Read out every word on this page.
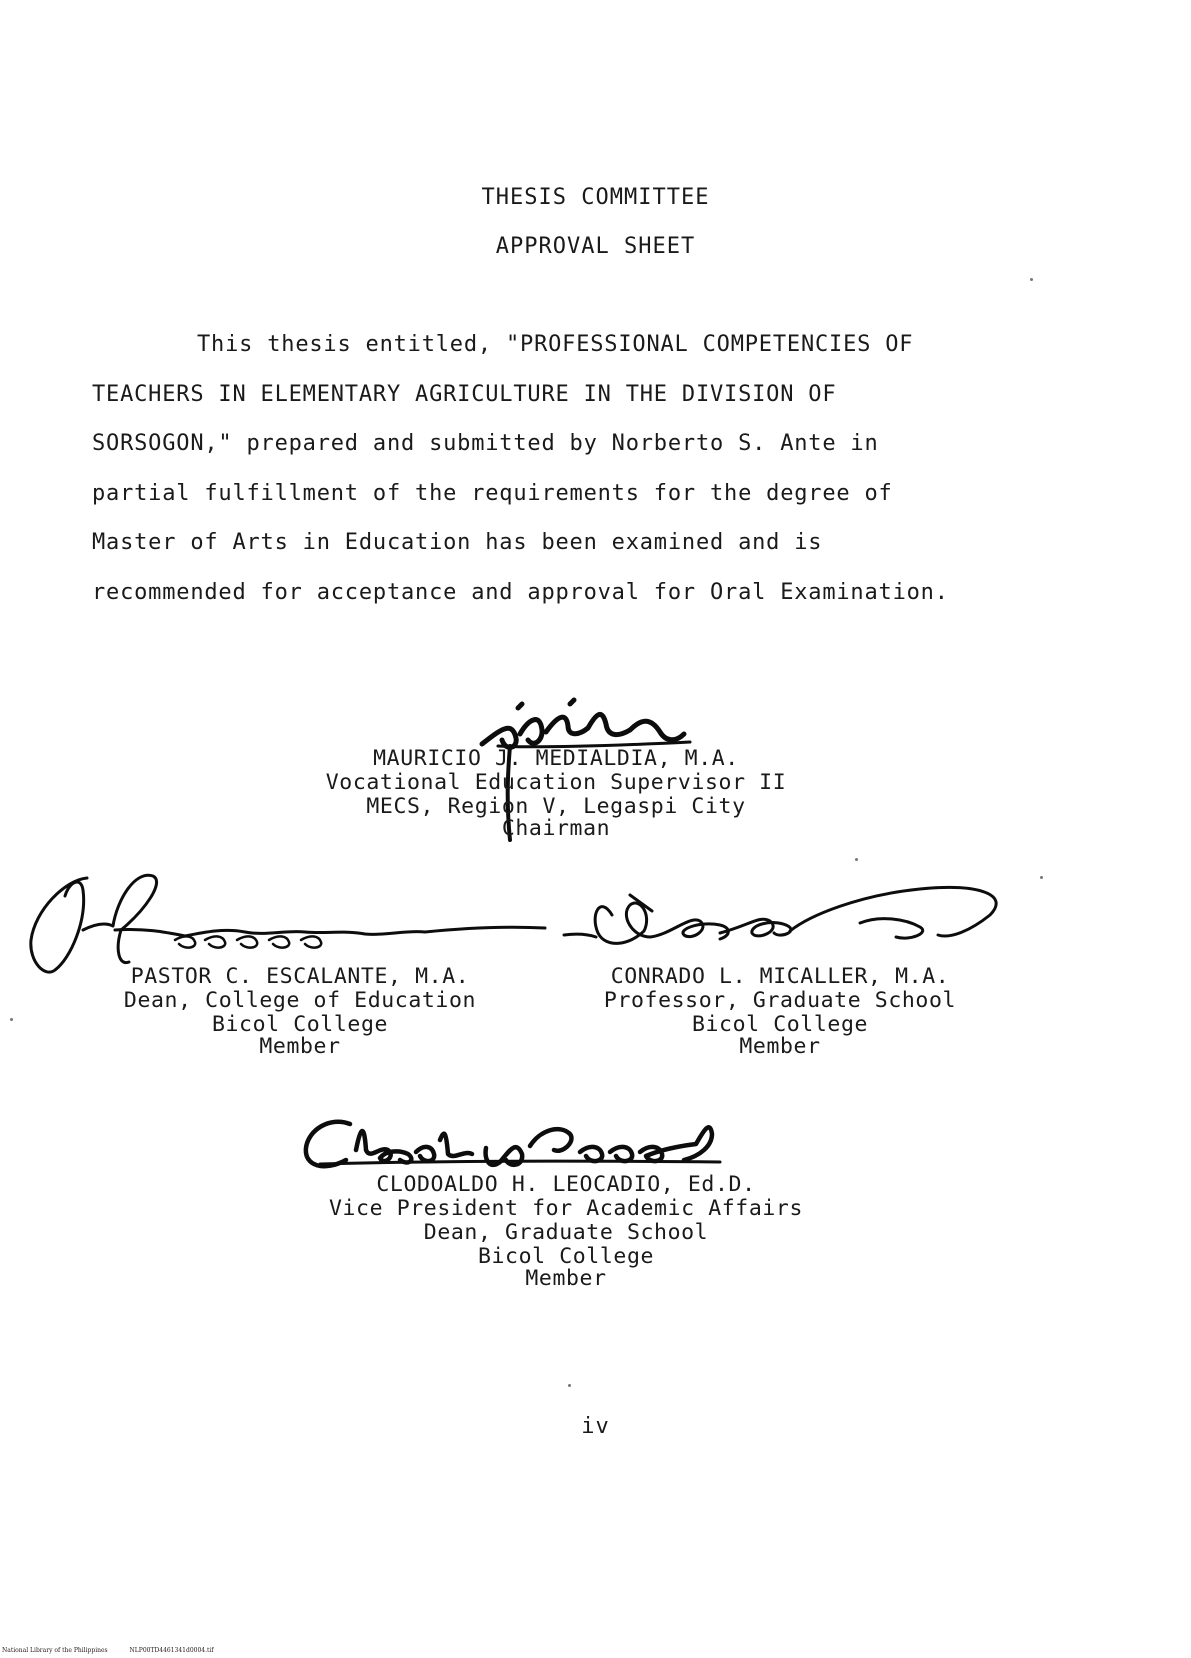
THESIS COMMITTEE
APPROVAL SHEET
This thesis entitled, "PROFESSIONAL COMPETENCIES OF
TEACHERS IN ELEMENTARY AGRICULTURE IN THE DIVISION OF
SORSOGON," prepared and submitted by Norberto S. Ante in
partial fulfillment of the requirements for the degree of
Master of Arts in Education has been examined and is
recommended for acceptance and approval for Oral Examination.
MAURICIO J. MEDIALDIA, M.A.
Vocational Education Supervisor II
MECS, Region V, Legaspi City
Chairman
PASTOR C. ESCALANTE, M.A.
Dean, College of Education
Bicol College
Member
CONRADO L. MICALLER, M.A.
Professor, Graduate School
Bicol College
Member
CLODOALDO H. LEOCADIO, Ed.D.
Vice President for Academic Affairs
Dean, Graduate School
Bicol College
Member
iv
National Library of the Philippines	NLP00TD4461341d0004.tif
